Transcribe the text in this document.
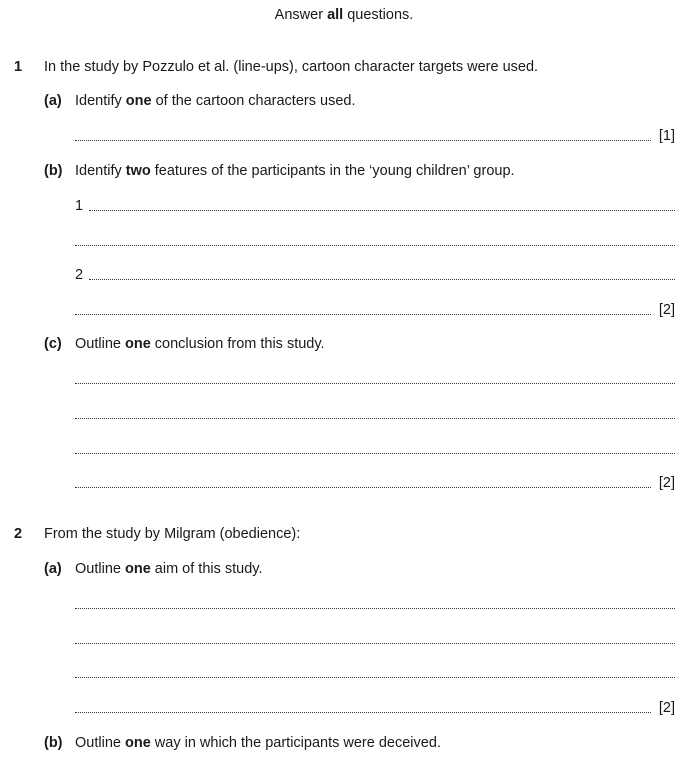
Answer all questions.
1 In the study by Pozzulo et al. (line-ups), cartoon character targets were used.
(a) Identify one of the cartoon characters used.
[1]
(b) Identify two features of the participants in the ‘young children’ group.
1
2
[2]
(c) Outline one conclusion from this study.
[2]
2 From the study by Milgram (obedience):
(a) Outline one aim of this study.
[2]
(b) Outline one way in which the participants were deceived.
